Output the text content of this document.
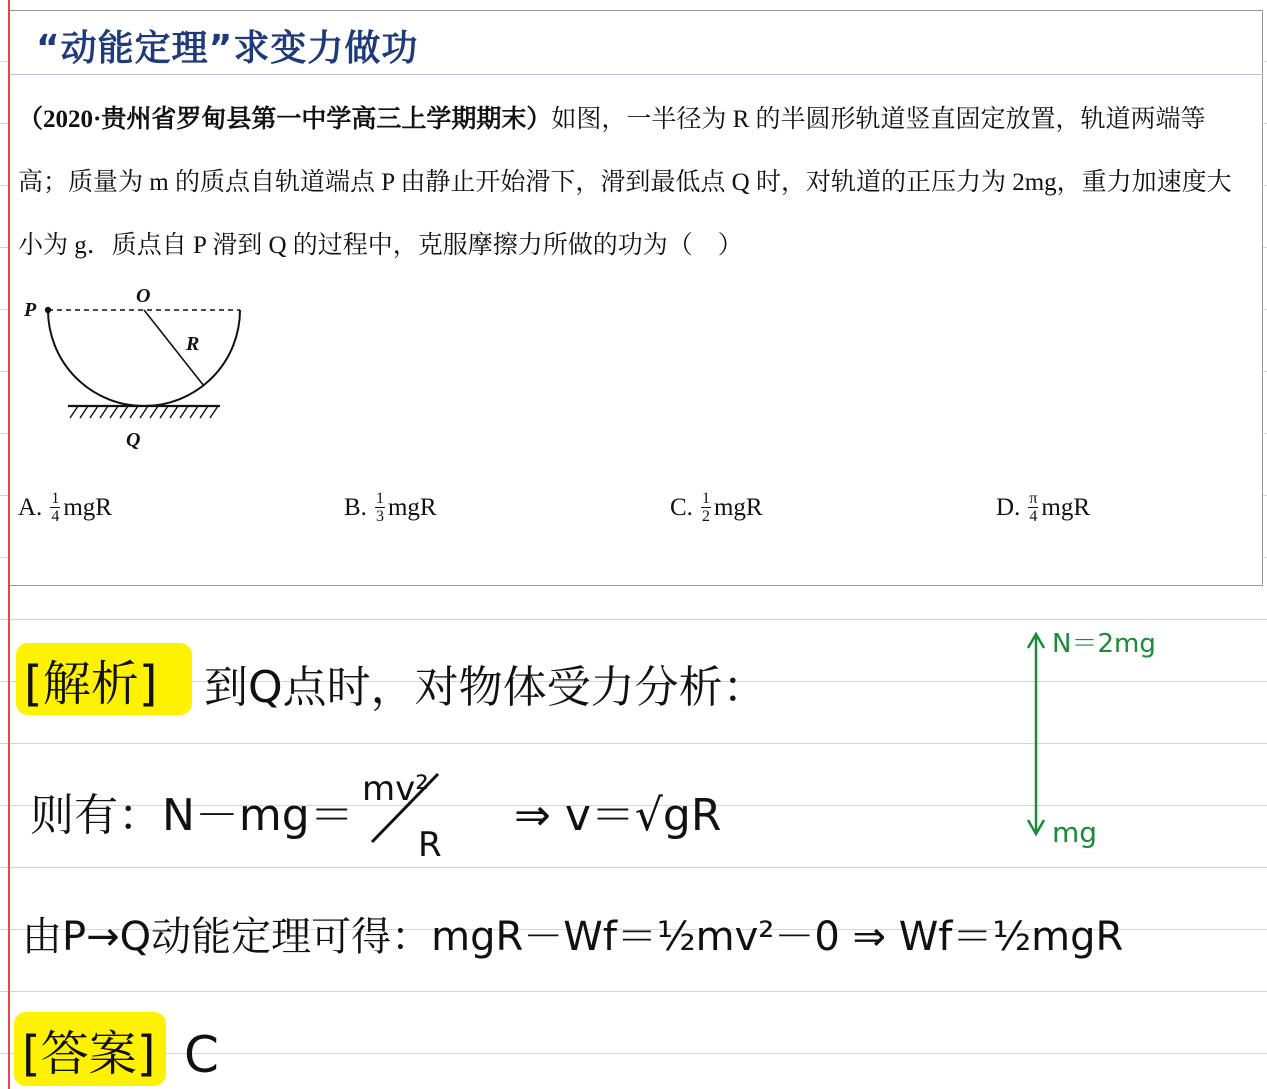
“动能定理”求变力做功
（2020·贵州省罗甸县第一中学高三上学期期末）如图，一半径为 R 的半圆形轨道竖直固定放置，轨道两端等高；质量为 m 的质点自轨道端点 P 由静止开始滑下，滑到最低点 Q 时，对轨道的正压力为 2mg，重力加速度大小为 g．质点自 P 滑到 Q 的过程中，克服摩擦力所做的功为（　）
P
O
R
Q
A. $\frac{1}{4}$ mgR	B. $\frac{1}{3}$ mgR	C. $\frac{1}{2}$ mgR	D. $\frac{\pi}{4}$ mgR
[解析] 到Q点时，对物体受力分析：
则有：N－mg＝
mv²
R
⇒ v＝√gR
由P→Q动能定理可得：mgR－Wf＝½mv²－0 ⇒ Wf＝½mgR
[答案] C
N＝2mg
mg
